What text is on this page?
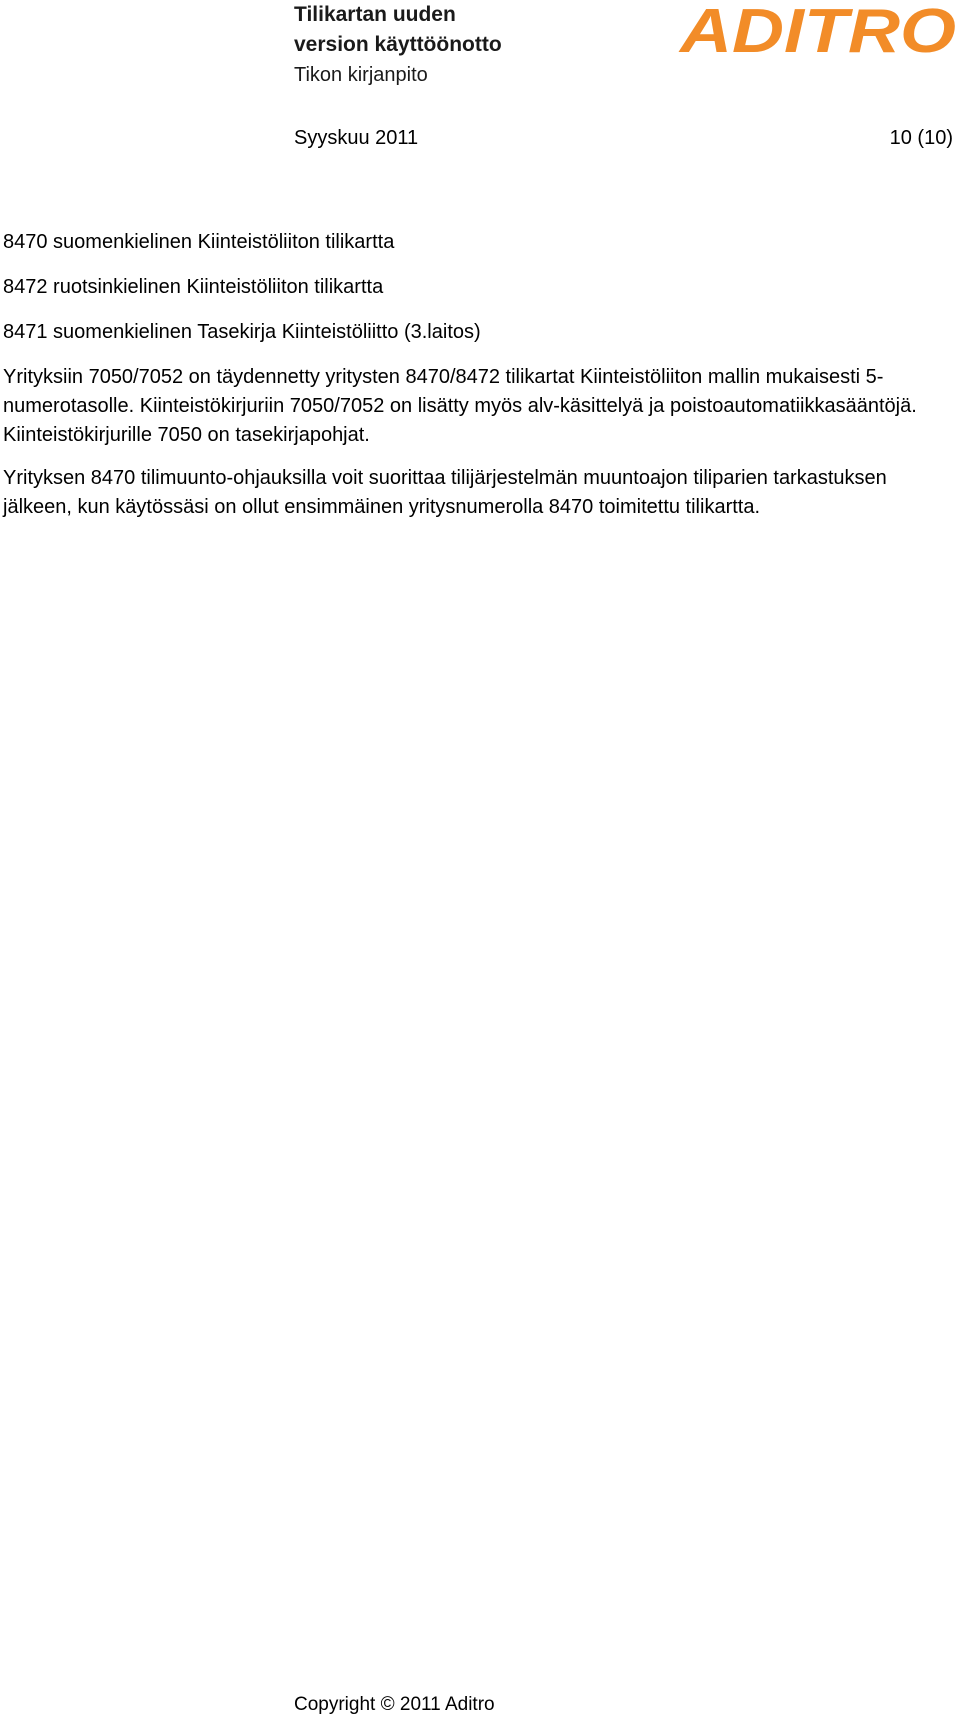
Tilikartan uuden version käyttöönotto
Tikon kirjanpito
ADITRO
Syyskuu 2011	10 (10)

8470 suomenkielinen Kiinteistöliiton tilikartta

8472 ruotsinkielinen Kiinteistöliiton tilikartta

8471 suomenkielinen Tasekirja Kiinteistöliitto (3.laitos)

Yrityksiin 7050/7052 on täydennetty yritysten 8470/8472 tilikartat Kiinteistöliiton mallin mukaisesti 5-numerotasolle. Kiinteistökirjuriin 7050/7052 on lisätty myös alv-käsittelyä ja poistoautomatiikkasääntöjä. Kiinteistökirjurille 7050 on tasekirjapohjat.

Yrityksen 8470 tilimuunto-ohjauksilla voit suorittaa tilijärjestelmän muuntoajon tiliparien tarkastuksen jälkeen, kun käytössäsi on ollut ensimmäinen yritysnumerolla 8470 toimitettu tilikartta.

Copyright © 2011 Aditro
